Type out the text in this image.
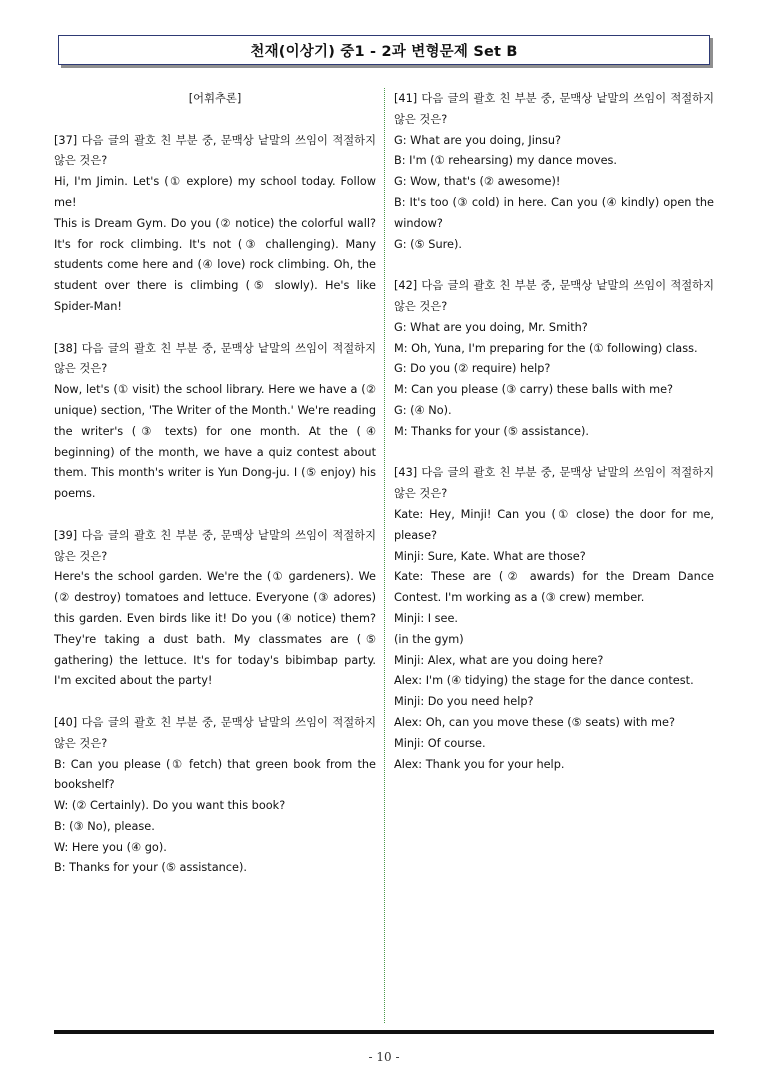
천재(이상기) 중1 - 2과 변형문제 Set B

[어휘추론]

[37] 다음 글의 괄호 친 부분 중, 문맥상 낱말의 쓰임이 적절하지 않은 것은?

Hi, I'm Jimin. Let's (① explore) my school today. Follow me!

This is Dream Gym. Do you (② notice) the colorful wall? It's for rock climbing. It's not (③ challenging). Many students come here and (④ love) rock climbing. Oh, the student over there is climbing (⑤ slowly). He's like Spider-Man!

[38] 다음 글의 괄호 친 부분 중, 문맥상 낱말의 쓰임이 적절하지 않은 것은?

Now, let's (① visit) the school library. Here we have a (② unique) section, 'The Writer of the Month.' We're reading the writer's (③ texts) for one month. At the (④ beginning) of the month, we have a quiz contest about them. This month's writer is Yun Dong-ju. I (⑤ enjoy) his poems.

[39] 다음 글의 괄호 친 부분 중, 문맥상 낱말의 쓰임이 적절하지 않은 것은?

Here's the school garden. We're the (① gardeners). We (② destroy) tomatoes and lettuce. Everyone (③ adores) this garden. Even birds like it! Do you (④ notice) them? They're taking a dust bath. My classmates are (⑤ gathering) the lettuce. It's for today's bibimbap party. I'm excited about the party!

[40] 다음 글의 괄호 친 부분 중, 문맥상 낱말의 쓰임이 적절하지 않은 것은?

B: Can you please (① fetch) that green book from the bookshelf?

W: (② Certainly). Do you want this book?

B: (③ No), please.

W: Here you (④ go).

B: Thanks for your (⑤ assistance).

[41] 다음 글의 괄호 친 부분 중, 문맥상 낱말의 쓰임이 적절하지 않은 것은?

G: What are you doing, Jinsu?

B: I'm (① rehearsing) my dance moves.

G: Wow, that's (② awesome)!

B: It's too (③ cold) in here. Can you (④ kindly) open the window?

G: (⑤ Sure).

[42] 다음 글의 괄호 친 부분 중, 문맥상 낱말의 쓰임이 적절하지 않은 것은?

G: What are you doing, Mr. Smith?

M: Oh, Yuna, I'm preparing for the (① following) class.

G: Do you (② require) help?

M: Can you please (③ carry) these balls with me?

G: (④ No).

M: Thanks for your (⑤ assistance).

[43] 다음 글의 괄호 친 부분 중, 문맥상 낱말의 쓰임이 적절하지 않은 것은?

Kate: Hey, Minji! Can you (① close) the door for me, please?

Minji: Sure, Kate. What are those?

Kate: These are (② awards) for the Dream Dance Contest. I'm working as a (③ crew) member.

Minji: I see.

(in the gym)

Minji: Alex, what are you doing here?

Alex: I'm (④ tidying) the stage for the dance contest.

Minji: Do you need help?

Alex: Oh, can you move these (⑤ seats) with me?

Minji: Of course.

Alex: Thank you for your help.

- 10 -
